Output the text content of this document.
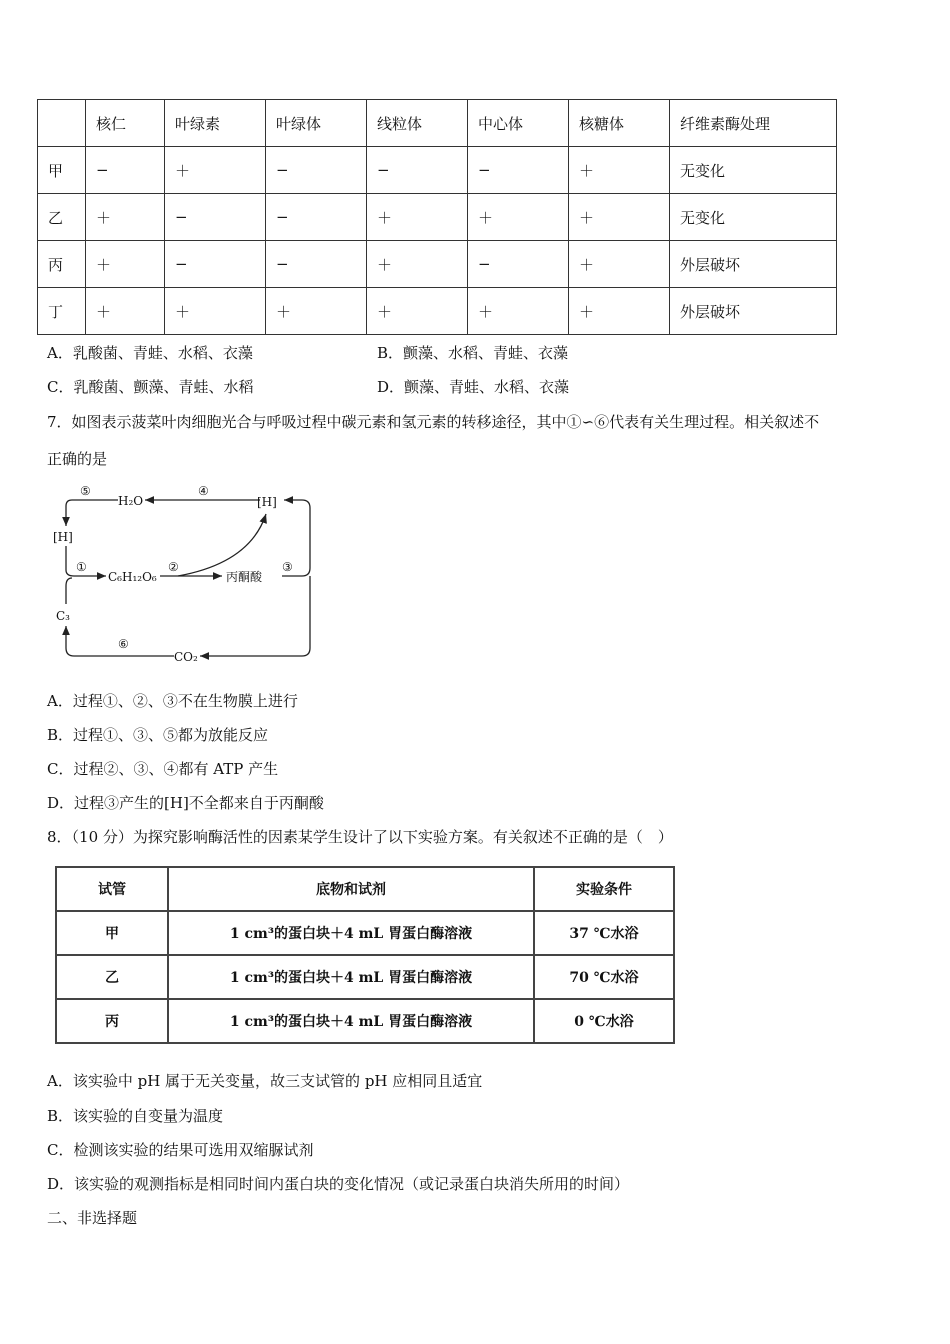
	核仁	叶绿素	叶绿体	线粒体	中心体	核糖体	纤维素酶处理
甲	−	＋	−	−	−	＋	无变化
乙	＋	−	−	＋	＋	＋	无变化
丙	＋	−	−	＋	−	＋	外层破坏
丁	＋	＋	＋	＋	＋	＋	外层破坏
A．乳酸菌、青蛙、水稻、衣藻	B．颤藻、水稻、青蛙、衣藻
C．乳酸菌、颤藻、青蛙、水稻	D．颤藻、青蛙、水稻、衣藻
7．如图表示菠菜叶肉细胞光合与呼吸过程中碳元素和氢元素的转移途径，其中①∽⑥代表有关生理过程。相关叙述不
正确的是
⑤	④
H₂O	[H]
[H]
①	②	③
C₆H₁₂O₆	丙酮酸
C₃
⑥
CO₂
A．过程①、②、③不在生物膜上进行
B．过程①、③、⑤都为放能反应
C．过程②、③、④都有 ATP 产生
D．过程③产生的[H]不全都来自于丙酮酸
8．（10 分）为探究影响酶活性的因素某学生设计了以下实验方案。有关叙述不正确的是（　）
试管	底物和试剂	实验条件
甲	1 cm³的蛋白块＋4 mL 胃蛋白酶溶液	37 ℃水浴
乙	1 cm³的蛋白块＋4 mL 胃蛋白酶溶液	70 ℃水浴
丙	1 cm³的蛋白块＋4 mL 胃蛋白酶溶液	0 ℃水浴
A．该实验中 pH 属于无关变量，故三支试管的 pH 应相同且适宜
B．该实验的自变量为温度
C．检测该实验的结果可选用双缩脲试剂
D．该实验的观测指标是相同时间内蛋白块的变化情况（或记录蛋白块消失所用的时间）
二、非选择题
